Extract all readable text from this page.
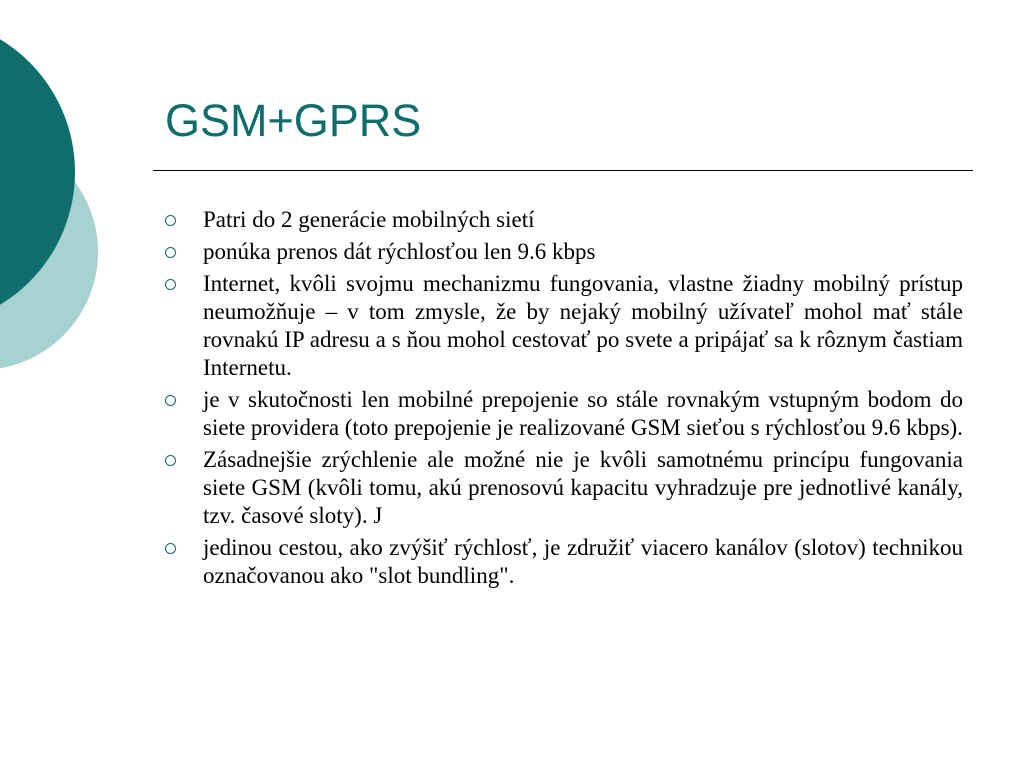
GSM+GPRS
Patri do 2 generácie mobilných sietí
ponúka prenos dát rýchlosťou len 9.6 kbps
Internet, kvôli svojmu mechanizmu fungovania, vlastne žiadny mobilný prístup neumožňuje – v tom zmysle, že by nejaký mobilný užívateľ mohol mať stále rovnakú IP adresu a s ňou mohol cestovať po svete a pripájať sa k rôznym častiam Internetu.
je v skutočnosti len mobilné prepojenie so stále rovnakým vstupným bodom do siete providera (toto prepojenie je realizované GSM sieťou s rýchlosťou 9.6 kbps).
Zásadnejšie zrýchlenie ale možné nie je kvôli samotnému princípu fungovania siete GSM (kvôli tomu, akú prenosovú kapacitu vyhradzuje pre jednotlivé kanály, tzv. časové sloty). J
jedinou cestou, ako zvýšiť rýchlosť, je združiť viacero kanálov (slotov) technikou označovanou ako "slot bundling".
